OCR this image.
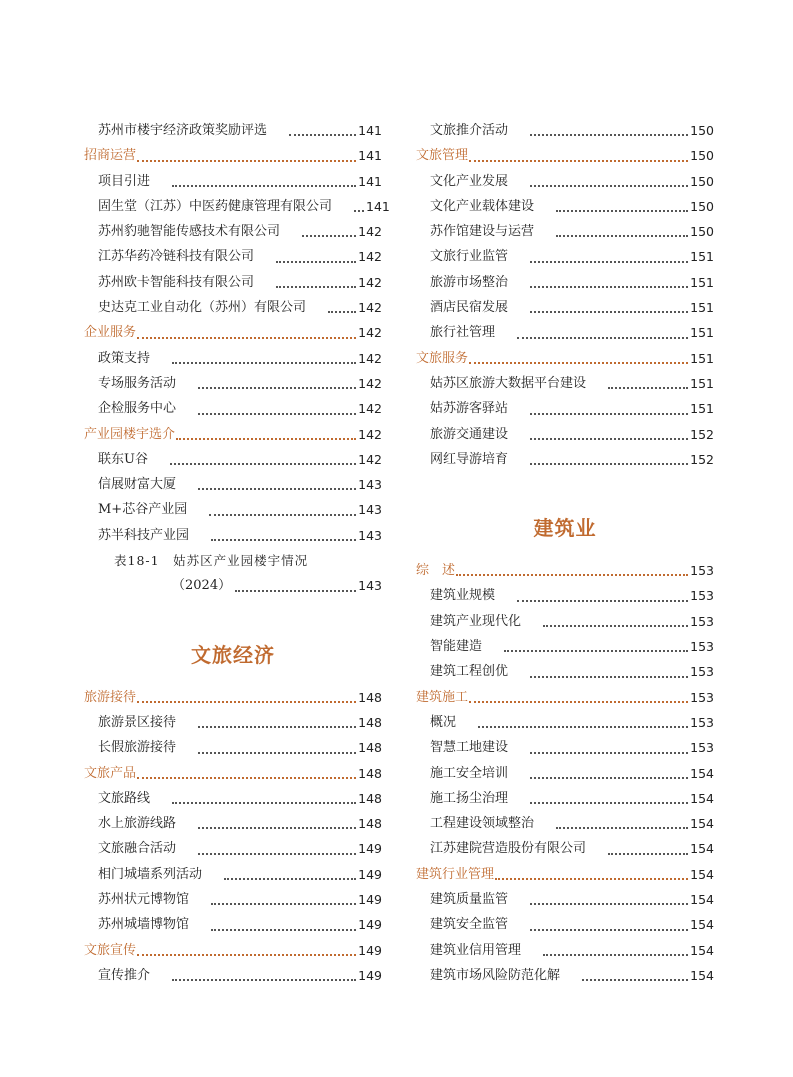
苏州市楼宇经济政策奖励评选	141
招商运营	141
项目引进	141
固生堂（江苏）中医药健康管理有限公司	141
苏州豹驰智能传感技术有限公司	142
江苏华药冷链科技有限公司	142
苏州欧卡智能科技有限公司	142
史达克工业自动化（苏州）有限公司	142
企业服务	142
政策支持	142
专场服务活动	142
企检服务中心	142
产业园楼宇选介	142
联东U谷	142
信展财富大厦	143
M+芯谷产业园	143
苏半科技产业园	143
表18-1　姑苏区产业园楼宇情况
（2024）	143
文旅经济
旅游接待	148
旅游景区接待	148
长假旅游接待	148
文旅产品	148
文旅路线	148
水上旅游线路	148
文旅融合活动	149
相门城墙系列活动	149
苏州状元博物馆	149
苏州城墙博物馆	149
文旅宣传	149
宣传推介	149
文旅推介活动	150
文旅管理	150
文化产业发展	150
文化产业载体建设	150
苏作馆建设与运营	150
文旅行业监管	151
旅游市场整治	151
酒店民宿发展	151
旅行社管理	151
文旅服务	151
姑苏区旅游大数据平台建设	151
姑苏游客驿站	151
旅游交通建设	152
网红导游培育	152
建筑业
综　述	153
建筑业规模	153
建筑产业现代化	153
智能建造	153
建筑工程创优	153
建筑施工	153
概况	153
智慧工地建设	153
施工安全培训	154
施工扬尘治理	154
工程建设领域整治	154
江苏建院营造股份有限公司	154
建筑行业管理	154
建筑质量监管	154
建筑安全监管	154
建筑业信用管理	154
建筑市场风险防范化解	154
